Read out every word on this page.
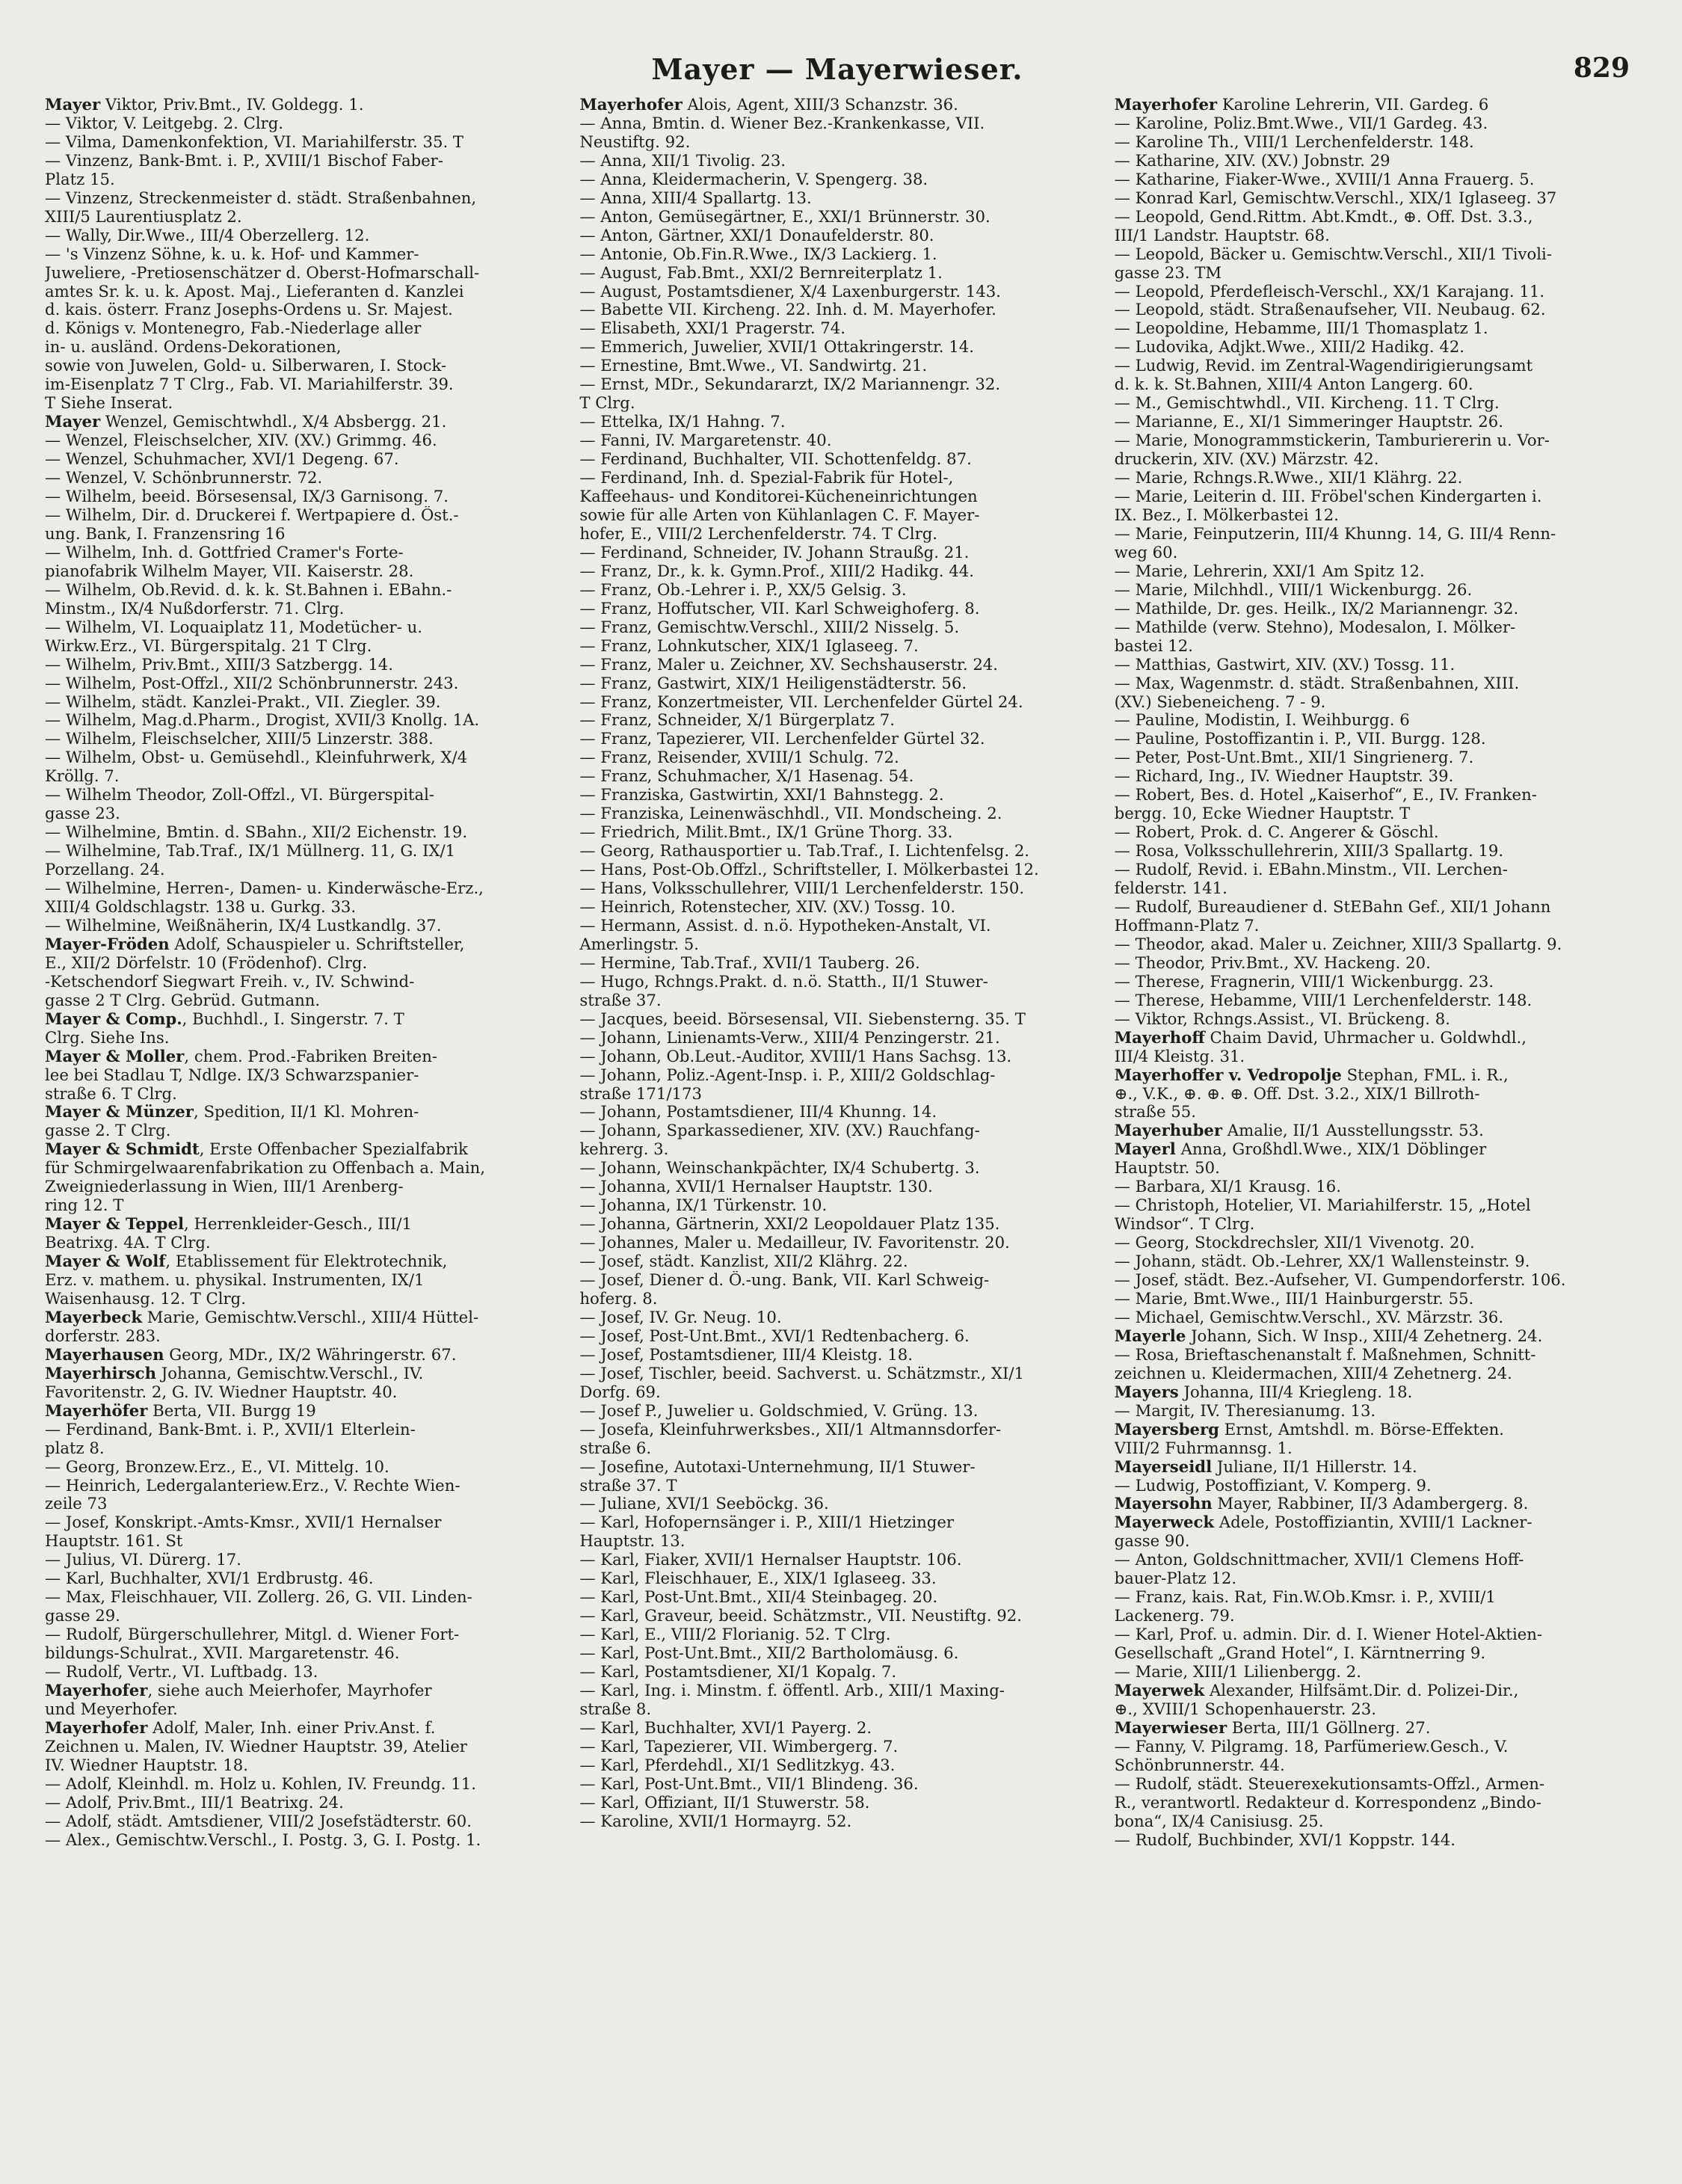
Mayer — Mayerwieser.	829
Mayer Viktor, Priv.Bmt., IV. Goldegg. 1.
— Viktor, V. Leitgebg. 2. Clrg.
— Vilma, Damenkonfektion, VI. Mariahilferstr. 35. T
— Vinzenz, Bank-Bmt. i. P., XVIII/1 Bischof Faber-
Platz 15.
— Vinzenz, Streckenmeister d. städt. Straßenbahnen,
XIII/5 Laurentiusplatz 2.
— Wally, Dir.Wwe., III/4 Oberzellerg. 12.
— 's Vinzenz Söhne, k. u. k. Hof- und Kammer-
Juweliere, -Pretiosenschätzer d. Oberst-Hofmarschall-
amtes Sr. k. u. k. Apost. Maj., Lieferanten d. Kanzlei
d. kais. österr. Franz Josephs-Ordens u. Sr. Majest.
d. Königs v. Montenegro, Fab.-Niederlage aller
in- u. ausländ. Ordens-Dekorationen,
sowie von Juwelen, Gold- u. Silberwaren, I. Stock-
im-Eisenplatz 7 T Clrg., Fab. VI. Mariahilferstr. 39.
T Siehe Inserat.
Mayer Wenzel, Gemischtwhdl., X/4 Absbergg. 21.
— Wenzel, Fleischselcher, XIV. (XV.) Grimmg. 46.
— Wenzel, Schuhmacher, XVI/1 Degeng. 67.
— Wenzel, V. Schönbrunnerstr. 72.
— Wilhelm, beeid. Börsesensal, IX/3 Garnisong. 7.
— Wilhelm, Dir. d. Druckerei f. Wertpapiere d. Öst.-
ung. Bank, I. Franzensring 16
— Wilhelm, Inh. d. Gottfried Cramer's Forte-
pianofabrik Wilhelm Mayer, VII. Kaiserstr. 28.
— Wilhelm, Ob.Revid. d. k. k. St.Bahnen i. EBahn.-
Minstm., IX/4 Nußdorferstr. 71. Clrg.
— Wilhelm, VI. Loquaiplatz 11, Modetücher- u.
Wirkw.Erz., VI. Bürgerspitalg. 21 T Clrg.
— Wilhelm, Priv.Bmt., XIII/3 Satzbergg. 14.
— Wilhelm, Post-Offzl., XII/2 Schönbrunnerstr. 243.
— Wilhelm, städt. Kanzlei-Prakt., VII. Ziegler. 39.
— Wilhelm, Mag.d.Pharm., Drogist, XVII/3 Knollg. 1A.
— Wilhelm, Fleischselcher, XIII/5 Linzerstr. 388.
— Wilhelm, Obst- u. Gemüsehdl., Kleinfuhrwerk, X/4
Kröllg. 7.
— Wilhelm Theodor, Zoll-Offzl., VI. Bürgerspital-
gasse 23.
— Wilhelmine, Bmtin. d. SBahn., XII/2 Eichenstr. 19.
— Wilhelmine, Tab.Traf., IX/1 Müllnerg. 11, G. IX/1
Porzellang. 24.
— Wilhelmine, Herren-, Damen- u. Kinderwäsche-Erz.,
XIII/4 Goldschlagstr. 138 u. Gurkg. 33.
— Wilhelmine, Weißnäherin, IX/4 Lustkandlg. 37.
Mayer-Fröden Adolf, Schauspieler u. Schriftsteller,
E., XII/2 Dörfelstr. 10 (Frödenhof). Clrg.
-Ketschendorf Siegwart Freih. v., IV. Schwind-
gasse 2 T Clrg. Gebrüd. Gutmann.
Mayer & Comp., Buchhdl., I. Singerstr. 7. T
Clrg. Siehe Ins.
Mayer & Moller, chem. Prod.-Fabriken Breiten-
lee bei Stadlau T, Ndlge. IX/3 Schwarzspanier-
straße 6. T Clrg.
Mayer & Münzer, Spedition, II/1 Kl. Mohren-
gasse 2. T Clrg.
Mayer & Schmidt, Erste Offenbacher Spezialfabrik
für Schmirgelwaarenfabrikation zu Offenbach a. Main,
Zweigniederlassung in Wien, III/1 Arenberg-
ring 12. T
Mayer & Teppel, Herrenkleider-Gesch., III/1
Beatrixg. 4A. T Clrg.
Mayer & Wolf, Etablissement für Elektrotechnik,
Erz. v. mathem. u. physikal. Instrumenten, IX/1
Waisenhausg. 12. T Clrg.
Mayerbeck Marie, Gemischtw.Verschl., XIII/4 Hüttel-
dorferstr. 283.
Mayerhausen Georg, MDr., IX/2 Währingerstr. 67.
Mayerhirsch Johanna, Gemischtw.Verschl., IV.
Favoritenstr. 2, G. IV. Wiedner Hauptstr. 40.
Mayerhöfer Berta, VII. Burgg 19
— Ferdinand, Bank-Bmt. i. P., XVII/1 Elterlein-
platz 8.
— Georg, Bronzew.Erz., E., VI. Mittelg. 10.
— Heinrich, Ledergalanteriew.Erz., V. Rechte Wien-
zeile 73
— Josef, Konskript.-Amts-Kmsr., XVII/1 Hernalser
Hauptstr. 161. St
— Julius, VI. Dürerg. 17.
— Karl, Buchhalter, XVI/1 Erdbrustg. 46.
— Max, Fleischhauer, VII. Zollerg. 26, G. VII. Linden-
gasse 29.
— Rudolf, Bürgerschullehrer, Mitgl. d. Wiener Fort-
bildungs-Schulrat., XVII. Margaretenstr. 46.
— Rudolf, Vertr., VI. Luftbadg. 13.
Mayerhofer, siehe auch Meierhofer, Mayrhofer
und Meyerhofer.
Mayerhofer Adolf, Maler, Inh. einer Priv.Anst. f.
Zeichnen u. Malen, IV. Wiedner Hauptstr. 39, Atelier
IV. Wiedner Hauptstr. 18.
— Adolf, Kleinhdl. m. Holz u. Kohlen, IV. Freundg. 11.
— Adolf, Priv.Bmt., III/1 Beatrixg. 24.
— Adolf, städt. Amtsdiener, VIII/2 Josefstädterstr. 60.
— Alex., Gemischtw.Verschl., I. Postg. 3, G. I. Postg. 1.
Mayerhofer Alois, Agent, XIII/3 Schanzstr. 36.
— Anna, Bmtin. d. Wiener Bez.-Krankenkasse, VII.
Neustiftg. 92.
— Anna, XII/1 Tivolig. 23.
— Anna, Kleidermacherin, V. Spengerg. 38.
— Anna, XIII/4 Spallartg. 13.
— Anton, Gemüsegärtner, E., XXI/1 Brünnerstr. 30.
— Anton, Gärtner, XXI/1 Donaufelderstr. 80.
— Antonie, Ob.Fin.R.Wwe., IX/3 Lackierg. 1.
— August, Fab.Bmt., XXI/2 Bernreiterplatz 1.
— August, Postamtsdiener, X/4 Laxenburgerstr. 143.
— Babette VII. Kircheng. 22. Inh. d. M. Mayerhofer.
— Elisabeth, XXI/1 Pragerstr. 74.
— Emmerich, Juwelier, XVII/1 Ottakringerstr. 14.
— Ernestine, Bmt.Wwe., VI. Sandwirtg. 21.
— Ernst, MDr., Sekundararzt, IX/2 Mariannengr. 32.
T Clrg.
— Ettelka, IX/1 Hahng. 7.
— Fanni, IV. Margaretenstr. 40.
— Ferdinand, Buchhalter, VII. Schottenfeldg. 87.
— Ferdinand, Inh. d. Spezial-Fabrik für Hotel-,
Kaffeehaus- und Konditorei-Kücheneinrichtungen
sowie für alle Arten von Kühlanlagen C. F. Mayer-
hofer, E., VIII/2 Lerchenfelderstr. 74. T Clrg.
— Ferdinand, Schneider, IV. Johann Straußg. 21.
— Franz, Dr., k. k. Gymn.Prof., XIII/2 Hadikg. 44.
— Franz, Ob.-Lehrer i. P., XX/5 Gelsig. 3.
— Franz, Hoffutscher, VII. Karl Schweighoferg. 8.
— Franz, Gemischtw.Verschl., XIII/2 Nisselg. 5.
— Franz, Lohnkutscher, XIX/1 Iglaseeg. 7.
— Franz, Maler u. Zeichner, XV. Sechshauserstr. 24.
— Franz, Gastwirt, XIX/1 Heiligenstädterstr. 56.
— Franz, Konzertmeister, VII. Lerchenfelder Gürtel 24.
— Franz, Schneider, X/1 Bürgerplatz 7.
— Franz, Tapezierer, VII. Lerchenfelder Gürtel 32.
— Franz, Reisender, XVIII/1 Schulg. 72.
— Franz, Schuhmacher, X/1 Hasenag. 54.
— Franziska, Gastwirtin, XXI/1 Bahnstegg. 2.
— Franziska, Leinenwäschhdl., VII. Mondscheing. 2.
— Friedrich, Milit.Bmt., IX/1 Grüne Thorg. 33.
— Georg, Rathausportier u. Tab.Traf., I. Lichtenfelsg. 2.
— Hans, Post-Ob.Offzl., Schriftsteller, I. Mölkerbastei 12.
— Hans, Volksschullehrer, VIII/1 Lerchenfelderstr. 150.
— Heinrich, Rotenstecher, XIV. (XV.) Tossg. 10.
— Hermann, Assist. d. n.ö. Hypotheken-Anstalt, VI.
Amerlingstr. 5.
— Hermine, Tab.Traf., XVII/1 Tauberg. 26.
— Hugo, Rchngs.Prakt. d. n.ö. Statth., II/1 Stuwer-
straße 37.
— Jacques, beeid. Börsesensal, VII. Siebensterng. 35. T
— Johann, Linienamts-Verw., XIII/4 Penzingerstr. 21.
— Johann, Ob.Leut.-Auditor, XVIII/1 Hans Sachsg. 13.
— Johann, Poliz.-Agent-Insp. i. P., XIII/2 Goldschlag-
straße 171/173
— Johann, Postamtsdiener, III/4 Khunng. 14.
— Johann, Sparkassediener, XIV. (XV.) Rauchfang-
kehrerg. 3.
— Johann, Weinschankpächter, IX/4 Schubertg. 3.
— Johanna, XVII/1 Hernalser Hauptstr. 130.
— Johanna, IX/1 Türkenstr. 10.
— Johanna, Gärtnerin, XXI/2 Leopoldauer Platz 135.
— Johannes, Maler u. Medailleur, IV. Favoritenstr. 20.
— Josef, städt. Kanzlist, XII/2 Klährg. 22.
— Josef, Diener d. Ö.-ung. Bank, VII. Karl Schweig-
hoferg. 8.
— Josef, IV. Gr. Neug. 10.
— Josef, Post-Unt.Bmt., XVI/1 Redtenbacherg. 6.
— Josef, Postamtsdiener, III/4 Kleistg. 18.
— Josef, Tischler, beeid. Sachverst. u. Schätzmstr., XI/1
Dorfg. 69.
— Josef P., Juwelier u. Goldschmied, V. Grüng. 13.
— Josefa, Kleinfuhrwerksbes., XII/1 Altmannsdorfer-
straße 6.
— Josefine, Autotaxi-Unternehmung, II/1 Stuwer-
straße 37. T
— Juliane, XVI/1 Seeböckg. 36.
— Karl, Hofopernsänger i. P., XIII/1 Hietzinger
Hauptstr. 13.
— Karl, Fiaker, XVII/1 Hernalser Hauptstr. 106.
— Karl, Fleischhauer, E., XIX/1 Iglaseeg. 33.
— Karl, Post-Unt.Bmt., XII/4 Steinbageg. 20.
— Karl, Graveur, beeid. Schätzmstr., VII. Neustiftg. 92.
— Karl, E., VIII/2 Florianig. 52. T Clrg.
— Karl, Post-Unt.Bmt., XII/2 Bartholomäusg. 6.
— Karl, Postamtsdiener, XI/1 Kopalg. 7.
— Karl, Ing. i. Minstm. f. öffentl. Arb., XIII/1 Maxing-
straße 8.
— Karl, Buchhalter, XVI/1 Payerg. 2.
— Karl, Tapezierer, VII. Wimbergerg. 7.
— Karl, Pferdehdl., XI/1 Sedlitzkyg. 43.
— Karl, Post-Unt.Bmt., VII/1 Blindeng. 36.
— Karl, Offiziant, II/1 Stuwerstr. 58.
— Karoline, XVII/1 Hormayrg. 52.
Mayerhofer Karoline Lehrerin, VII. Gardeg. 6
— Karoline, Poliz.Bmt.Wwe., VII/1 Gardeg. 43.
— Karoline Th., VIII/1 Lerchenfelderstr. 148.
— Katharine, XIV. (XV.) Jobnstr. 29
— Katharine, Fiaker-Wwe., XVIII/1 Anna Frauerg. 5.
— Konrad Karl, Gemischtw.Verschl., XIX/1 Iglaseeg. 37
— Leopold, Gend.Rittm. Abt.Kmdt., ⊕. Off. Dst. 3.3.,
III/1 Landstr. Hauptstr. 68.
— Leopold, Bäcker u. Gemischtw.Verschl., XII/1 Tivoli-
gasse 23. TM
— Leopold, Pferdefleisch-Verschl., XX/1 Karajang. 11.
— Leopold, städt. Straßenaufseher, VII. Neubaug. 62.
— Leopoldine, Hebamme, III/1 Thomasplatz 1.
— Ludovika, Adjkt.Wwe., XIII/2 Hadikg. 42.
— Ludwig, Revid. im Zentral-Wagendirigierungsamt
d. k. k. St.Bahnen, XIII/4 Anton Langerg. 60.
— M., Gemischtwhdl., VII. Kircheng. 11. T Clrg.
— Marianne, E., XI/1 Simmeringer Hauptstr. 26.
— Marie, Monogrammstickerin, Tamburiererin u. Vor-
druckerin, XIV. (XV.) Märzstr. 42.
— Marie, Rchngs.R.Wwe., XII/1 Klährg. 22.
— Marie, Leiterin d. III. Fröbel'schen Kindergarten i.
IX. Bez., I. Mölkerbastei 12.
— Marie, Feinputzerin, III/4 Khunng. 14, G. III/4 Renn-
weg 60.
— Marie, Lehrerin, XXI/1 Am Spitz 12.
— Marie, Milchhdl., VIII/1 Wickenburgg. 26.
— Mathilde, Dr. ges. Heilk., IX/2 Mariannengr. 32.
— Mathilde (verw. Stehno), Modesalon, I. Mölker-
bastei 12.
— Matthias, Gastwirt, XIV. (XV.) Tossg. 11.
— Max, Wagenmstr. d. städt. Straßenbahnen, XIII.
(XV.) Siebeneicheng. 7 - 9.
— Pauline, Modistin, I. Weihburgg. 6
— Pauline, Postoffizantin i. P., VII. Burgg. 128.
— Peter, Post-Unt.Bmt., XII/1 Singrienerg. 7.
— Richard, Ing., IV. Wiedner Hauptstr. 39.
— Robert, Bes. d. Hotel „Kaiserhof“, E., IV. Franken-
bergg. 10, Ecke Wiedner Hauptstr. T
— Robert, Prok. d. C. Angerer & Göschl.
— Rosa, Volksschullehrerin, XIII/3 Spallartg. 19.
— Rudolf, Revid. i. EBahn.Minstm., VII. Lerchen-
felderstr. 141.
— Rudolf, Bureaudiener d. StEBahn Gef., XII/1 Johann
Hoffmann-Platz 7.
— Theodor, akad. Maler u. Zeichner, XIII/3 Spallartg. 9.
— Theodor, Priv.Bmt., XV. Hackeng. 20.
— Therese, Fragnerin, VIII/1 Wickenburgg. 23.
— Therese, Hebamme, VIII/1 Lerchenfelderstr. 148.
— Viktor, Rchngs.Assist., VI. Brückeng. 8.
Mayerhoff Chaim David, Uhrmacher u. Goldwhdl.,
III/4 Kleistg. 31.
Mayerhoffer v. Vedropolje Stephan, FML. i. R.,
⊕., V.K., ⊕. ⊕. ⊕. Off. Dst. 3.2., XIX/1 Billroth-
straße 55.
Mayerhuber Amalie, II/1 Ausstellungsstr. 53.
Mayerl Anna, Großhdl.Wwe., XIX/1 Döblinger
Hauptstr. 50.
— Barbara, XI/1 Krausg. 16.
— Christoph, Hotelier, VI. Mariahilferstr. 15, „Hotel
Windsor“. T Clrg.
— Georg, Stockdrechsler, XII/1 Vivenotg. 20.
— Johann, städt. Ob.-Lehrer, XX/1 Wallensteinstr. 9.
— Josef, städt. Bez.-Aufseher, VI. Gumpendorferstr. 106.
— Marie, Bmt.Wwe., III/1 Hainburgerstr. 55.
— Michael, Gemischtw.Verschl., XV. Märzstr. 36.
Mayerle Johann, Sich. W Insp., XIII/4 Zehetnerg. 24.
— Rosa, Brieftaschenanstalt f. Maßnehmen, Schnitt-
zeichnen u. Kleidermachen, XIII/4 Zehetnerg. 24.
Mayers Johanna, III/4 Kriegleng. 18.
— Margit, IV. Theresianumg. 13.
Mayersberg Ernst, Amtshdl. m. Börse-Effekten.
VIII/2 Fuhrmannsg. 1.
Mayerseidl Juliane, II/1 Hillerstr. 14.
— Ludwig, Postoffiziant, V. Komperg. 9.
Mayersohn Mayer, Rabbiner, II/3 Adambergerg. 8.
Mayerweck Adele, Postoffiziantin, XVIII/1 Lackner-
gasse 90.
— Anton, Goldschnittmacher, XVII/1 Clemens Hoff-
bauer-Platz 12.
— Franz, kais. Rat, Fin.W.Ob.Kmsr. i. P., XVIII/1
Lackenerg. 79.
— Karl, Prof. u. admin. Dir. d. I. Wiener Hotel-Aktien-
Gesellschaft „Grand Hotel“, I. Kärntnerring 9.
— Marie, XIII/1 Lilienbergg. 2.
Mayerwek Alexander, Hilfsämt.Dir. d. Polizei-Dir.,
⊕., XVIII/1 Schopenhauerstr. 23.
Mayerwieser Berta, III/1 Göllnerg. 27.
— Fanny, V. Pilgramg. 18, Parfümeriew.Gesch., V.
Schönbrunnerstr. 44.
— Rudolf, städt. Steuerexekutionsamts-Offzl., Armen-
R., verantwortl. Redakteur d. Korrespondenz „Bindo-
bona“, IX/4 Canisiusg. 25.
— Rudolf, Buchbinder, XVI/1 Koppstr. 144.
